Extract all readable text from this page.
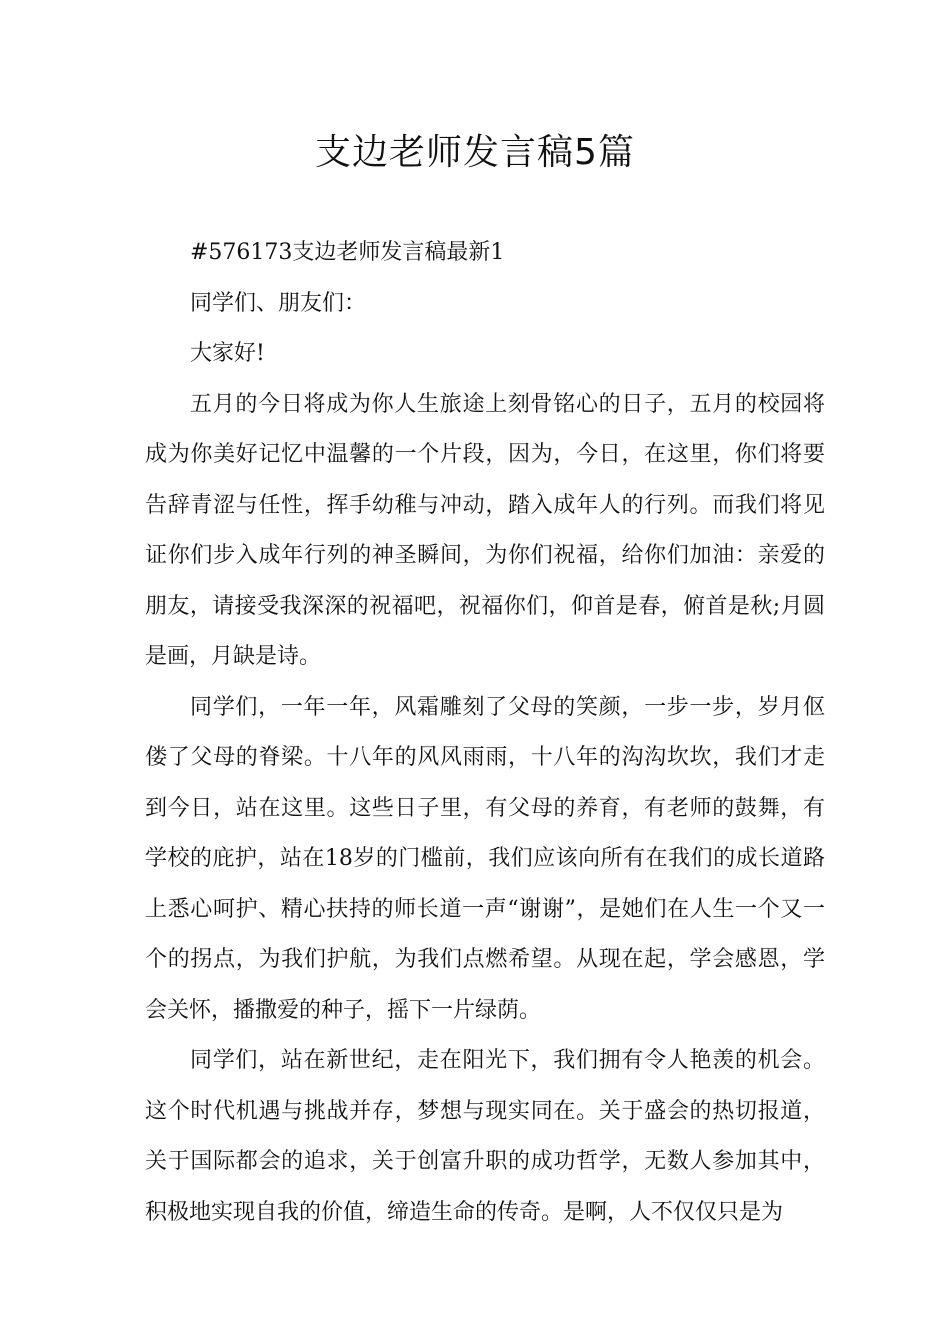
支边老师发言稿5篇

#576173支边老师发言稿最新1

同学们、朋友们：

大家好!

五月的今日将成为你人生旅途上刻骨铭心的日子，五月的校园将成为你美好记忆中温馨的一个片段，因为，今日，在这里，你们将要告辞青涩与任性，挥手幼稚与冲动，踏入成年人的行列。而我们将见证你们步入成年行列的神圣瞬间，为你们祝福，给你们加油：亲爱的朋友，请接受我深深的祝福吧，祝福你们，仰首是春，俯首是秋;月圆是画，月缺是诗。

同学们，一年一年，风霜雕刻了父母的笑颜，一步一步，岁月伛偻了父母的脊梁。十八年的风风雨雨，十八年的沟沟坎坎，我们才走到今日，站在这里。这些日子里，有父母的养育，有老师的鼓舞，有学校的庇护，站在18岁的门槛前，我们应该向所有在我们的成长道路上悉心呵护、精心扶持的师长道一声“谢谢”，是她们在人生一个又一个的拐点，为我们护航，为我们点燃希望。从现在起，学会感恩，学会关怀，播撒爱的种子，摇下一片绿荫。

同学们，站在新世纪，走在阳光下，我们拥有令人艳羡的机会。这个时代机遇与挑战并存，梦想与现实同在。关于盛会的热切报道，关于国际都会的追求，关于创富升职的成功哲学，无数人参加其中，积极地实现自我的价值，缔造生命的传奇。是啊，人不仅仅只是为
